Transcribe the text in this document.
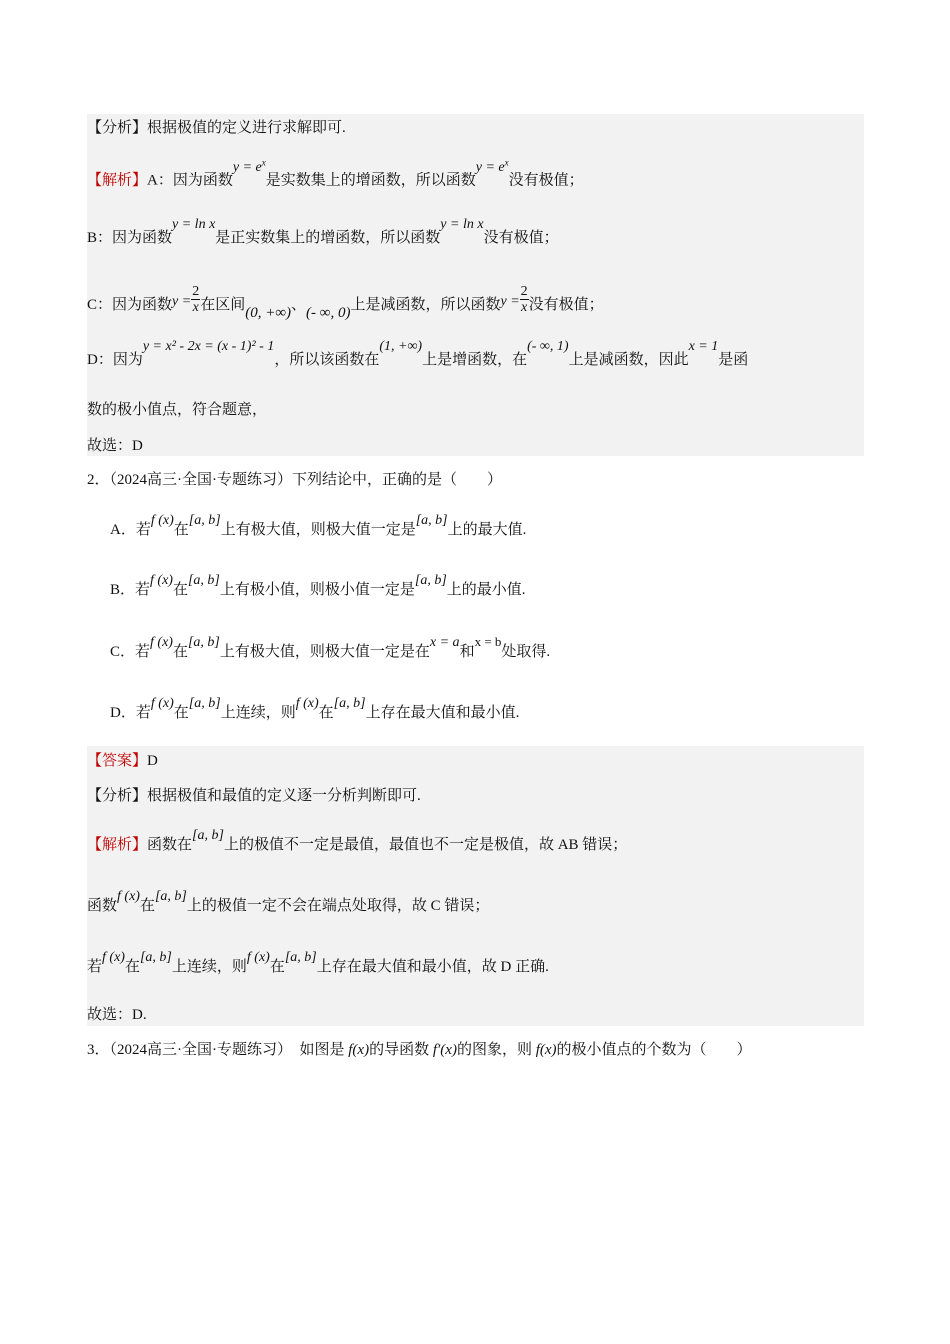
【分析】根据极值的定义进行求解即可.
【解析】A：因为函数$y = e^x$是实数集上的增函数，所以函数$y = e^x$没有极值；
B：因为函数y = ln x是正实数集上的增函数，所以函数y = ln x没有极值；
C：因为函数$y = \frac{2}{x}$ 在区间(0, +∞)、(- ∞, 0)上是减函数，所以函数$y = \frac{2}{x}$ 没有极值；
D：因为y = x² - 2x = (x - 1)² - 1，所以该函数在(1, +∞)上是增函数，在(- ∞, 1)上是减函数，因此x = 1是函
数的极小值点，符合题意，
故选：D
2．（2024高三·全国·专题练习）下列结论中，正确的是（　　）
A．若f (x)在[a, b]上有极大值，则极大值一定是[a, b]上的最大值.
B．若f (x)在[a, b]上有极小值，则极小值一定是[a, b]上的最小值.
C．若f (x)在[a, b]上有极大值，则极大值一定是在x = a和x = b处取得.
D．若f (x)在[a, b]上连续，则f (x)在[a, b]上存在最大值和最小值.
【答案】D
【分析】根据极值和最值的定义逐一分析判断即可.
【解析】函数在[a, b]上的极值不一定是最值，最值也不一定是极值，故 AB 错误；
函数f (x)在[a, b]上的极值一定不会在端点处取得，故 C 错误；
若f (x)在[a, b]上连续，则f (x)在[a, b]上存在最大值和最小值，故 D 正确.
故选：D.
3．（2024高三·全国·专题练习）　如图是 f(x)的导函数 f′(x)的图象，则 f(x)的极小值点的个数为（　　）
